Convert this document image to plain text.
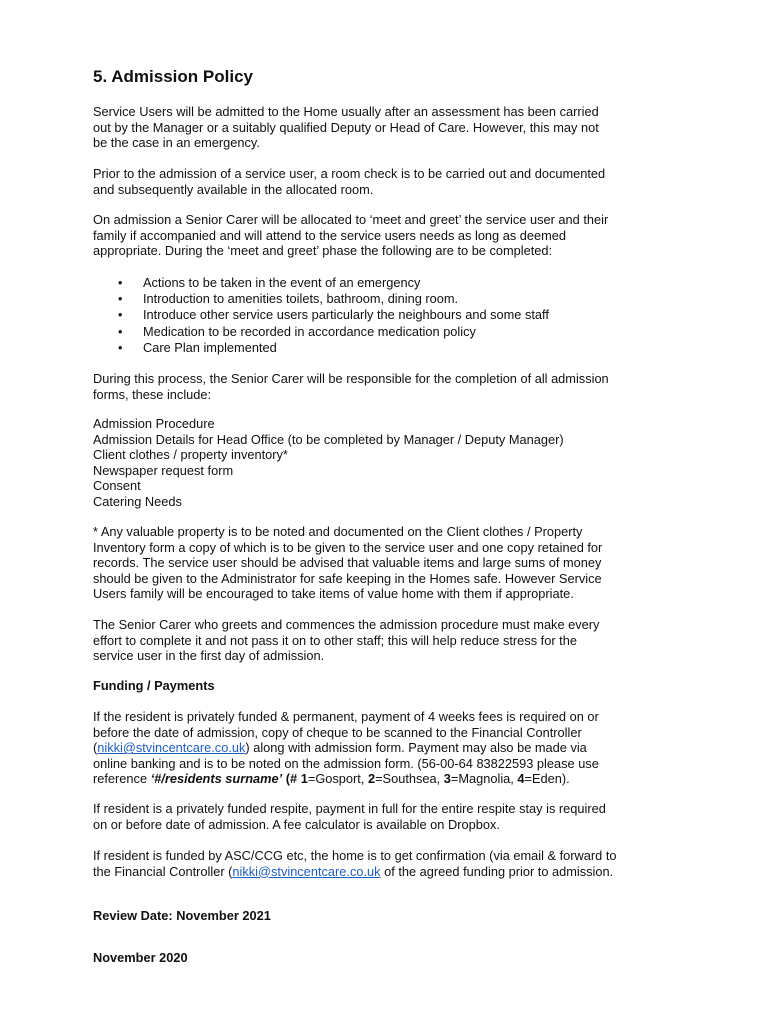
5. Admission Policy

Service Users will be admitted to the Home usually after an assessment has been carried
out by the Manager or a suitably qualified Deputy or Head of Care. However, this may not
be the case in an emergency.

Prior to the admission of a service user, a room check is to be carried out and documented
and subsequently available in the allocated room.

On admission a Senior Carer will be allocated to ‘meet and greet’ the service user and their
family if accompanied and will attend to the service users needs as long as deemed
appropriate. During the ‘meet and greet’ phase the following are to be completed:

• Actions to be taken in the event of an emergency
• Introduction to amenities toilets, bathroom, dining room.
• Introduce other service users particularly the neighbours and some staff
• Medication to be recorded in accordance medication policy
• Care Plan implemented

During this process, the Senior Carer will be responsible for the completion of all admission
forms, these include:

Admission Procedure
Admission Details for Head Office (to be completed by Manager / Deputy Manager)
Client clothes / property inventory*
Newspaper request form
Consent
Catering Needs

* Any valuable property is to be noted and documented on the Client clothes / Property
Inventory form a copy of which is to be given to the service user and one copy retained for
records. The service user should be advised that valuable items and large sums of money
should be given to the Administrator for safe keeping in the Homes safe. However Service
Users family will be encouraged to take items of value home with them if appropriate.

The Senior Carer who greets and commences the admission procedure must make every
effort to complete it and not pass it on to other staff; this will help reduce stress for the
service user in the first day of admission.

Funding / Payments

If the resident is privately funded & permanent, payment of 4 weeks fees is required on or
before the date of admission, copy of cheque to be scanned to the Financial Controller
(nikki@stvincentcare.co.uk) along with admission form. Payment may also be made via
online banking and is to be noted on the admission form. (56-00-64 83822593 please use
reference ‘#/residents surname’ (# 1=Gosport, 2=Southsea, 3=Magnolia, 4=Eden).

If resident is a privately funded respite, payment in full for the entire respite stay is required
on or before date of admission. A fee calculator is available on Dropbox.

If resident is funded by ASC/CCG etc, the home is to get confirmation (via email & forward to
the Financial Controller (nikki@stvincentcare.co.uk of the agreed funding prior to admission.

Review Date: November 2021

November 2020
